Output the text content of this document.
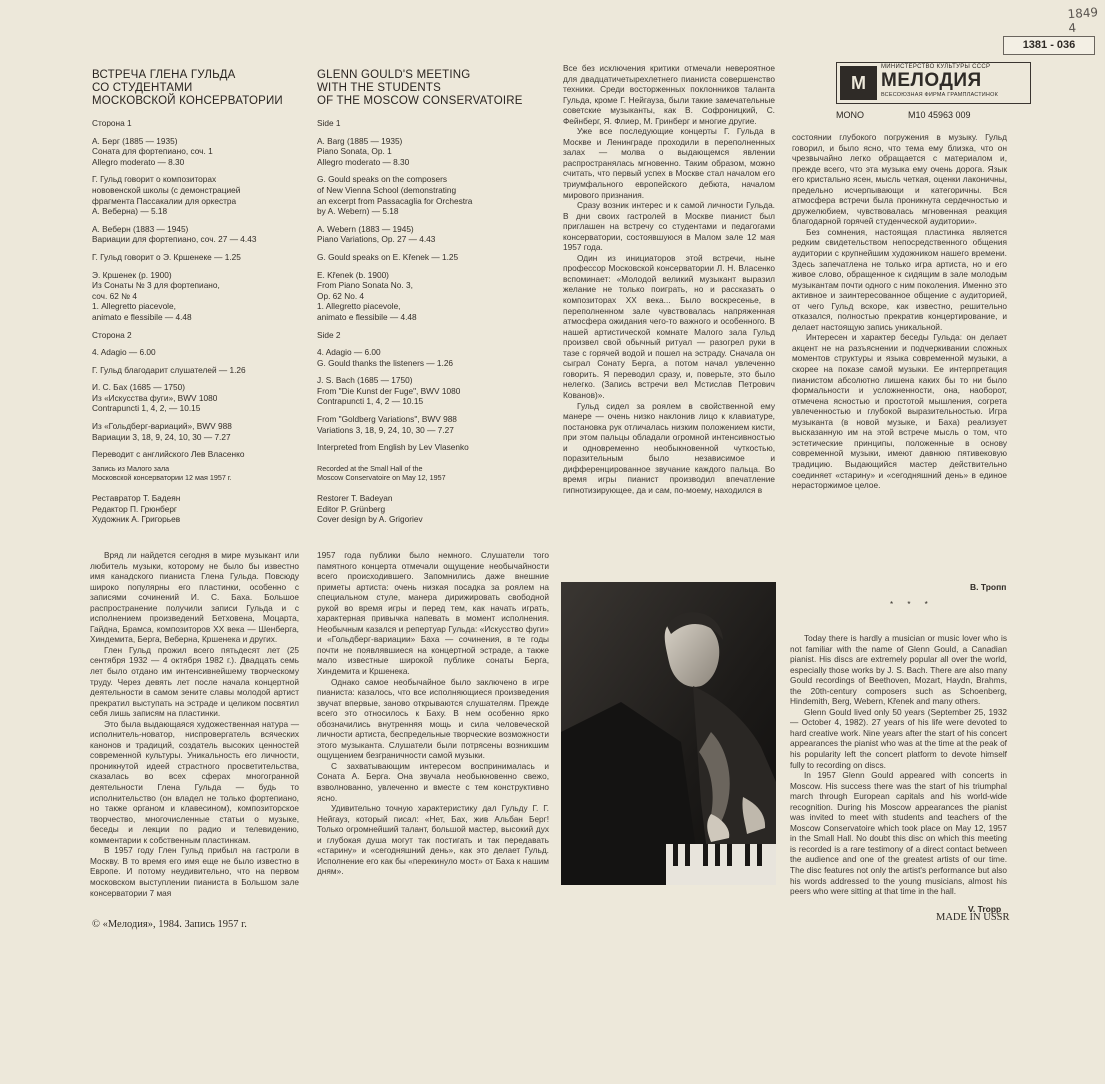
1849 4
1381 - 036
ВСТРЕЧА ГЛЕНА ГУЛЬДА
СО СТУДЕНТАМИ
МОСКОВСКОЙ КОНСЕРВАТОРИИ
Сторона 1
А. Берг (1885 — 1935)
Соната для фортепиано, соч. 1
Allegro moderato — 8.30
Г. Гульд говорит о композиторах
нововенской школы (с демонстрацией
фрагмента Пассакалии для оркестра
А. Веберна) — 5.18
А. Веберн (1883 — 1945)
Вариации для фортепиано, соч. 27 — 4.43
Г. Гульд говорит о Э. Кршенеке — 1.25
Э. Кршенек (р. 1900)
Из Сонаты № 3 для фортепиано,
соч. 62 № 4
1. Allegretto piacevole,
animato e flessibile — 4.48
Сторона 2
4. Adagio — 6.00
Г. Гульд благодарит слушателей — 1.26
И. С. Бах (1685 — 1750)
Из «Искусства фуги», BWV 1080
Contrapuncti 1, 4, 2, — 10.15
Из «Гольдберг-вариаций», BWV 988
Вариации 3, 18, 9, 24, 10, 30 — 7.27
Переводит с английского Лев Власенко
Запись из Малого зала
Московской консерватории 12 мая 1957 г.
Реставратор Т. Бадеян
Редактор П. Грюнберг
Художник А. Григорьев
GLENN GOULD'S MEETING
WITH THE STUDENTS
OF THE MOSCOW CONSERVATOIRE
Side 1
A. Barg (1885 — 1935)
Piano Sonata, Op. 1
Allegro moderato — 8.30
G. Gould speaks on the composers
of New Vienna School (demonstrating
an excerpt from Passacaglia for Orchestra
by A. Webern) — 5.18
A. Webern (1883 — 1945)
Piano Variations, Op. 27 — 4.43
G. Gould speaks on E. Křenek — 1.25
E. Křenek (b. 1900)
From Piano Sonata No. 3,
Op. 62 No. 4
1. Allegretto piacevole,
animato e flessibile — 4.48
Side 2
4. Adagio — 6.00
G. Gould thanks the listeners — 1.26
J. S. Bach (1685 — 1750)
From "Die Kunst der Fuge", BWV 1080
Contrapuncti 1, 4, 2 — 10.15
From "Goldberg Variations", BWV 988
Variations 3, 18, 9, 24, 10, 30 — 7.27
Interpreted from English by Lev Vlasenko
Recorded at the Small Hall of the
Moscow Conservatoire on May 12, 1957
Restorer T. Badeyan
Editor P. Grünberg
Cover design by A. Grigoriev

Все без исключения критики отмечали невероятное для двадцатичетырехлетнего пианиста совершенство техники. Среди восторженных поклонников таланта Гульда, кроме Г. Нейгауза, были такие замечательные советские музыканты, как В. Софроницкий, С. Фейнберг, Я. Флиер, М. Гринберг и многие другие.

Уже все последующие концерты Г. Гульда в Москве и Ленинграде проходили в переполненных залах — молва о выдающемся явлении распространялась мгновенно. Таким образом, можно считать, что первый успех в Москве стал началом его триумфального европейского дебюта, началом мирового признания.

Сразу возник интерес и к самой личности Гульда. В дни своих гастролей в Москве пианист был приглашен на встречу со студентами и педагогами консерватории, состоявшуюся в Малом зале 12 мая 1957 года.

Один из инициаторов этой встречи, ныне профессор Московской консерватории Л. Н. Власенко вспоминает: «Молодой великий музыкант выразил желание не только поиграть, но и рассказать о композиторах XX века... Было воскресенье, в переполненном зале чувствовалась напряженная атмосфера ожидания чего-то важного и особенного. В нашей артистической комнате Малого зала Гульд произвел свой обычный ритуал — разогрел руки в тазе с горячей водой и пошел на эстраду. Сначала он сыграл Сонату Берга, а потом начал увлеченно говорить. Я переводил сразу, и, поверьте, это было нелегко. (Запись встречи вел Мстислав Петрович Кованов)».

Гульд сидел за роялем в свойственной ему манере — очень низко наклонив лицо к клавиатуре, постановка рук отличалась низким положением кисти, при этом пальцы обладали огромной интенсивностью и одновременно необыкновенной чуткостью, поразительным было независимое и дифференцированное звучание каждого пальца. Во время игры пианист производил впечатление гипнотизирующее, да и сам, по-моему, находился в

М
МИНИСТЕРСТВО КУЛЬТУРЫ СССР
МЕЛОДИЯ
ВСЕСОЮЗНАЯ ФИРМА ГРАМПЛАСТИНОК
MONO	M10 45963 009

состоянии глубокого погружения в музыку. Гульд говорил, и было ясно, что тема ему близка, что он чрезвычайно легко обращается с материалом и, прежде всего, что эта музыка ему очень дорога. Язык его кристально ясен, мысль четкая, оценки лаконичны, предельно исчерпывающи и категоричны. Вся атмосфера встречи была проникнута сердечностью и дружелюбием, чувствовалась мгновенная реакция благодарной горячей студенческой аудитории».

Без сомнения, настоящая пластинка является редким свидетельством непосредственного общения аудитории с крупнейшим художником нашего времени. Здесь запечатлена не только игра артиста, но и его живое слово, обращенное к сидящим в зале молодым музыкантам почти одного с ним поколения. Именно это активное и заинтересованное общение с аудиторией, от чего Гульд вскоре, как известно, решительно отказался, полностью прекратив концертирование, и делает настоящую запись уникальной.

Интересен и характер беседы Гульда: он делает акцент не на разъяснении и подчеркивании сложных моментов структуры и языка современной музыки, а скорее на показе самой музыки. Ее интерпретация пианистом абсолютно лишена каких бы то ни было формальности и усложненности, она, наоборот, отмечена ясностью и простотой мышления, согрета увлеченностью и глубокой выразительностью. Игра музыканта (в новой музыке, и Баха) реализует высказанную им на этой встрече мысль о том, что эстетические принципы, положенные в основу современной музыки, имеют давнюю пятивековую традицию. Выдающийся мастер действительно соединяет «старину» и «сегодняшний день» в единое нерасторжимое целое.

В. Тропп
* * *

Вряд ли найдется сегодня в мире музыкант или любитель музыки, которому не было бы известно имя канадского пианиста Глена Гульда. Повсюду широко популярны его пластинки, особенно с записями сочинений И. С. Баха. Большое распространение получили записи Гульда и с исполнением произведений Бетховена, Моцарта, Гайдна, Брамса, композиторов XX века — Шенберга, Хиндемита, Берга, Веберна, Кршенека и других.

Глен Гульд прожил всего пятьдесят лет (25 сентября 1932 — 4 октября 1982 г.). Двадцать семь лет было отдано им интенсивнейшему творческому труду. Через девять лет после начала концертной деятельности в самом зените славы молодой артист прекратил выступать на эстраде и целиком посвятил себя лишь записям на пластинки.

Это была выдающаяся художественная натура — исполнитель-новатор, ниспровергатель всяческих канонов и традиций, создатель высоких ценностей современной культуры. Уникальность его личности, проникнутой идеей страстного просветительства, сказалась во всех сферах многогранной деятельности Глена Гульда — будь то исполнительство (он владел не только фортепиано, но также органом и клавесином), композиторское творчество, многочисленные статьи о музыке, беседы и лекции по радио и телевидению, комментарии к собственным пластинкам.

В 1957 году Глен Гульд прибыл на гастроли в Москву. В то время его имя еще не было известно в Европе. И потому неудивительно, что на первом московском выступлении пианиста в Большом зале консерватории 7 мая

1957 года публики было немного. Слушатели того памятного концерта отмечали ощущение необычайности всего происходившего. Запомнились даже внешние приметы артиста: очень низкая посадка за роялем на специальном стуле, манера дирижировать свободной рукой во время игры и перед тем, как начать играть, характерная привычка напевать в момент исполнения. Необычным казался и репертуар Гульда: «Искусство фуги» и «Гольдберг-вариации» Баха — сочинения, в те годы почти не появлявшиеся на концертной эстраде, а также мало известные широкой публике сонаты Берга, Хиндемита и Кршенека.

Однако самое необычайное было заключено в игре пианиста: казалось, что все исполняющиеся произведения звучат впервые, заново открываются слушателям. Прежде всего это относилось к Баху. В нем особенно ярко обозначились внутренняя мощь и сила человеческой личности артиста, беспредельные творческие возможности этого музыканта. Слушатели были потрясены возникшим ощущением безграничности самой музыки.

С захватывающим интересом воспринималась и Соната А. Берга. Она звучала необыкновенно свежо, взволнованно, увлеченно и вместе с тем конструктивно ясно.

Удивительно точную характеристику дал Гульду Г. Г. Нейгауз, который писал: «Нет, Бах, жив Альбан Берг! Только огромнейший талант, большой мастер, высокий дух и глубокая душа могут так постигать и так передавать «старину» и «сегодняшний день», как это делает Гульд. Исполнение его как бы «перекинуло мост» от Баха к нашим дням».

Today there is hardly a musician or music lover who is not familiar with the name of Glenn Gould, a Canadian pianist. His discs are extremely popular all over the world, especially those works by J. S. Bach. There are also many Gould recordings of Beethoven, Mozart, Haydn, Brahms, the 20th-century composers such as Schoenberg, Hindemith, Berg, Webern, Křenek and many others.

Glenn Gould lived only 50 years (September 25, 1932 — October 4, 1982). 27 years of his life were devoted to hard creative work. Nine years after the start of his concert appearances the pianist who was at the time at the peak of his popularity left the concert platform to devote himself fully to recording on discs.

In 1957 Glenn Gould appeared with concerts in Moscow. His success there was the start of his triumphal march through European capitals and his world-wide recognition. During his Moscow appearances the pianist was invited to meet with students and teachers of the Moscow Conservatoire which took place on May 12, 1957 in the Small Hall. No doubt this disc on which this meeting is recorded is a rare testimony of a direct contact between the audience and one of the greatest artists of our time. The disc features not only the artist's performance but also his words addressed to the young musicians, almost his peers who were sitting at that time in the hall.

V. Tropp
© «Мелодия», 1984. Запись 1957 г.
MADE IN USSR
